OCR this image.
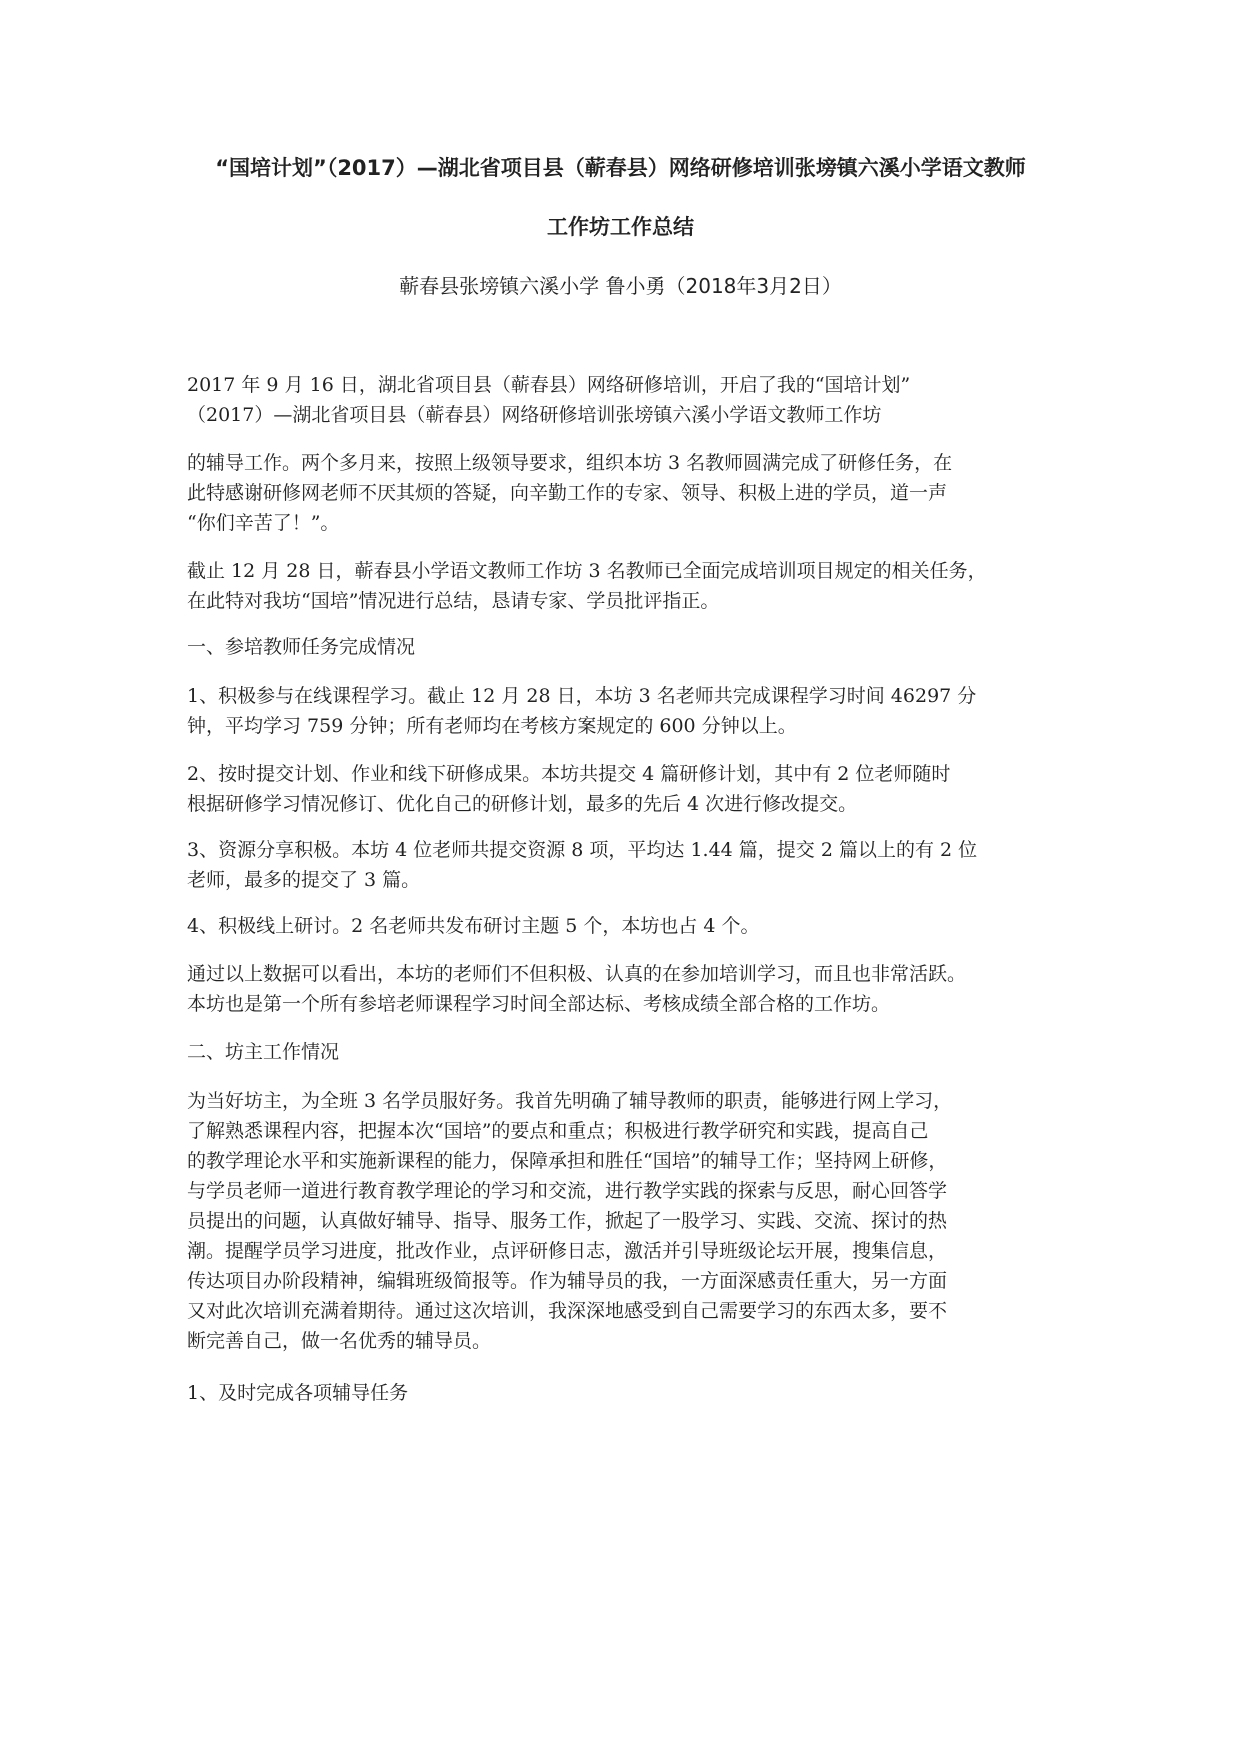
“国培计划”（2017）—湖北省项目县（蕲春县）网络研修培训张塝镇六溪小学语文教师
工作坊工作总结
蕲春县张塝镇六溪小学 鲁小勇（2018年3月2日）
2017 年 9 月 16 日，湖北省项目县（蕲春县）网络研修培训，开启了我的“国培计划”
（2017）—湖北省项目县（蕲春县）网络研修培训张塝镇六溪小学语文教师工作坊
的辅导工作。两个多月来，按照上级领导要求，组织本坊 3 名教师圆满完成了研修任务，在
此特感谢研修网老师不厌其烦的答疑，向辛勤工作的专家、领导、积极上进的学员，道一声
“你们辛苦了！”。
截止 12 月 28 日，蕲春县小学语文教师工作坊 3 名教师已全面完成培训项目规定的相关任务，
在此特对我坊“国培”情况进行总结，恳请专家、学员批评指正。
一、参培教师任务完成情况
1、积极参与在线课程学习。截止 12 月 28 日，本坊 3 名老师共完成课程学习时间 46297 分
钟，平均学习 759 分钟；所有老师均在考核方案规定的 600 分钟以上。
2、按时提交计划、作业和线下研修成果。本坊共提交 4 篇研修计划，其中有 2 位老师随时
根据研修学习情况修订、优化自己的研修计划，最多的先后 4 次进行修改提交。
3、资源分享积极。本坊 4 位老师共提交资源 8 项，平均达 1.44 篇，提交 2 篇以上的有 2 位
老师，最多的提交了 3 篇。
4、积极线上研讨。2 名老师共发布研讨主题 5 个，本坊也占 4 个。
通过以上数据可以看出，本坊的老师们不但积极、认真的在参加培训学习，而且也非常活跃。
本坊也是第一个所有参培老师课程学习时间全部达标、考核成绩全部合格的工作坊。
二、坊主工作情况
为当好坊主，为全班 3 名学员服好务。我首先明确了辅导教师的职责，能够进行网上学习，
了解熟悉课程内容，把握本次“国培”的要点和重点；积极进行教学研究和实践，提高自己
的教学理论水平和实施新课程的能力，保障承担和胜任“国培”的辅导工作；坚持网上研修，
与学员老师一道进行教育教学理论的学习和交流，进行教学实践的探索与反思，耐心回答学
员提出的问题，认真做好辅导、指导、服务工作，掀起了一股学习、实践、交流、探讨的热
潮。提醒学员学习进度，批改作业，点评研修日志，激活并引导班级论坛开展，搜集信息，
传达项目办阶段精神，编辑班级简报等。作为辅导员的我，一方面深感责任重大，另一方面
又对此次培训充满着期待。通过这次培训，我深深地感受到自己需要学习的东西太多，要不
断完善自己，做一名优秀的辅导员。
1、及时完成各项辅导任务
